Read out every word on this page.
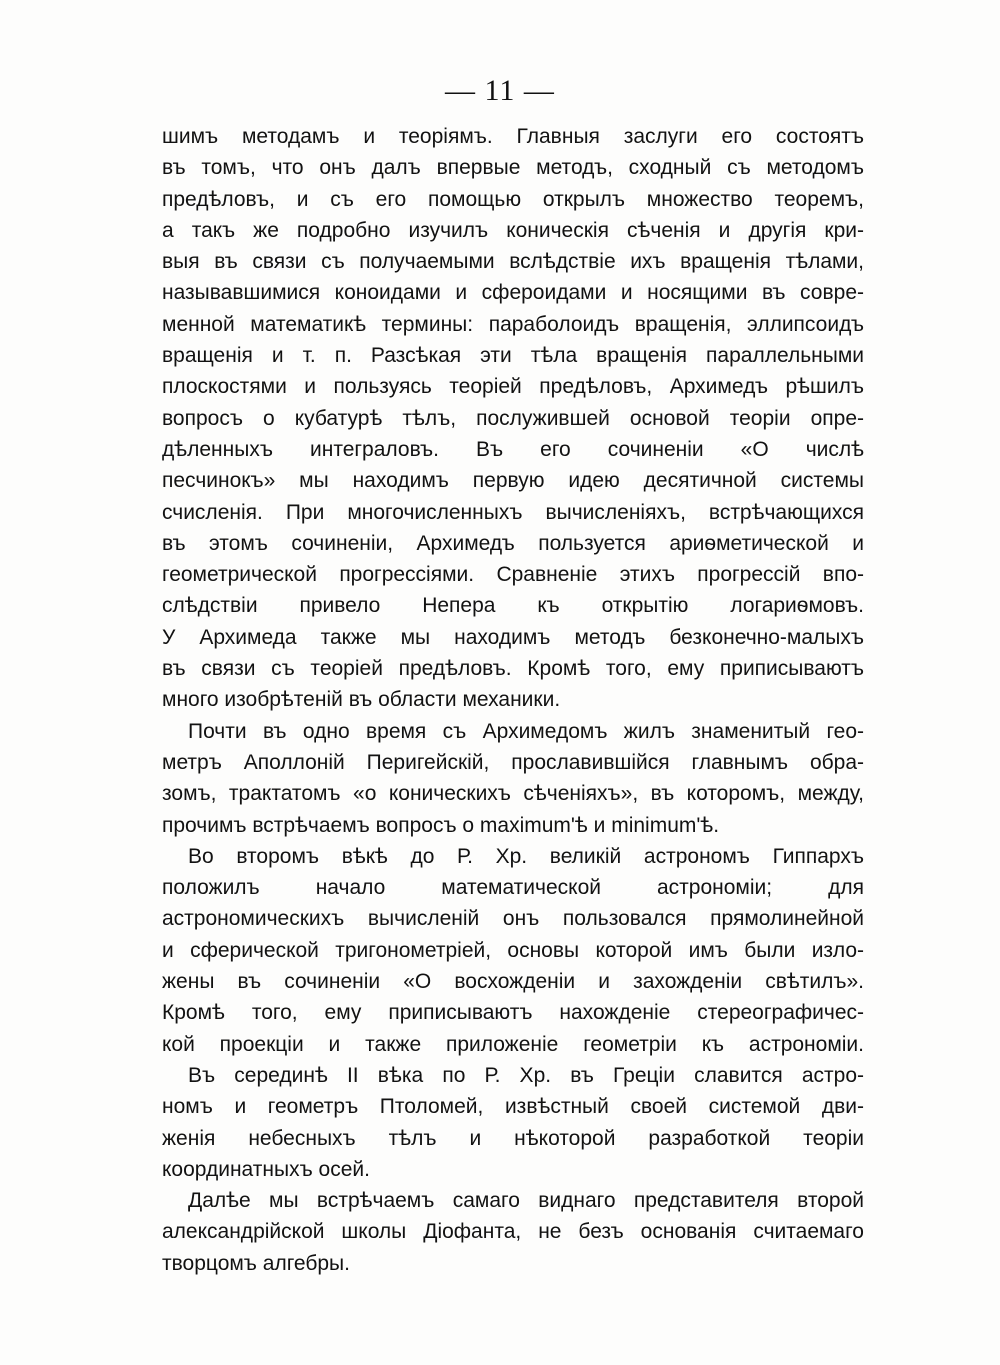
— 11 —
шимъ методамъ и теоріямъ. Главныя заслуги его состоятъ
въ томъ, что онъ далъ впервые методъ, сходный съ методомъ
предѣловъ, и съ его помощью открылъ множество теоремъ,
а такъ же подробно изучилъ коническія сѣченія и другія кри-
выя въ связи съ получаемыми вслѣдствіе ихъ вращенія тѣлами,
называвшимися коноидами и сфероидами и носящими въ совре-
менной математикѣ термины: параболоидъ вращенія, эллипсоидъ
вращенія и т. п. Разсѣкая эти тѣла вращенія параллельными
плоскостями и пользуясь теоріей предѣловъ, Архимедъ рѣшилъ
вопросъ о кубатурѣ тѣлъ, послужившей основой теоріи опре-
дѣленныхъ интеграловъ. Въ его сочиненіи «О числѣ
песчинокъ» мы находимъ первую идею десятичной системы
счисленія. При многочисленныхъ вычисленіяхъ, встрѣчающихся
въ этомъ сочиненіи, Архимедъ пользуется ариѳметической и
геометрической прогрессіями. Сравненіе этихъ прогрессій впо-
слѣдствіи привело Непера къ открытію логариѳмовъ.
У Архимеда также мы находимъ методъ безконечно-малыхъ
въ связи съ теоріей предѣловъ. Кромѣ того, ему приписываютъ
много изобрѣтеній въ области механики.
Почти въ одно время съ Архимедомъ жилъ знаменитый гео-
метръ Аполлоній Перигейскій, прославившійся главнымъ обра-
зомъ, трактатомъ «о коническихъ сѣченіяхъ», въ которомъ, между,
прочимъ встрѣчаемъ вопросъ о maximum'ѣ и minimum'ѣ.
Во второмъ вѣкѣ до Р. Хр. великій астрономъ Гиппархъ
положилъ начало математической астрономіи; для
астрономическихъ вычисленій онъ пользовался прямолинейной
и сферической тригонометріей, основы которой имъ были изло-
жены въ сочиненіи «О восхожденіи и захожденіи свѣтилъ».
Кромѣ того, ему приписываютъ нахожденіе стереографичес-
кой проекціи и также приложеніе геометріи къ астрономіи.
Въ серединѣ II вѣка по Р. Хр. въ Греціи славится астро-
номъ и геометръ Птоломей, извѣстный своей системой дви-
женія небесныхъ тѣлъ и нѣкоторой разработкой теоріи
координатныхъ осей.
Далѣе мы встрѣчаемъ самаго виднаго представителя второй
александрійской школы Діофанта, не безъ основанія считаемаго
творцомъ алгебры.
